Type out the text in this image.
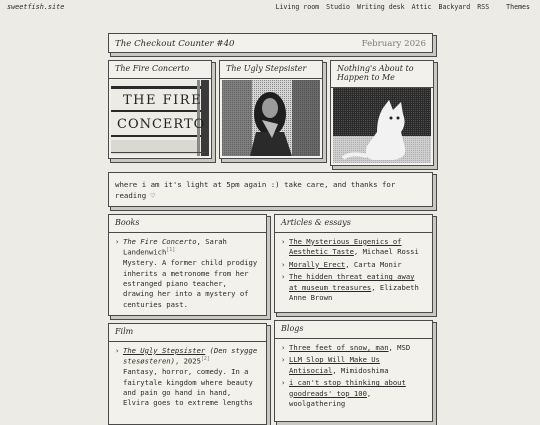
sweetfish.site	Living room Studio Writing desk Attic Backyard RSS	Themes
The Checkout Counter #40	February 2026
The Fire Concerto
THE FIRE
CONCERTO
The Ugly Stepsister	Nothing's About to Happen to Me
where i am it's light at 5pm again :) take care, and thanks for reading ♡
Books
› The Fire Concerto, Sarah Landenwich[1]
Mystery. A former child prodigy inherits a metronome from her estranged piano teacher, drawing her into a mystery of centuries past.
Film
› The Ugly Stepsister (Den stygge stesøsteren), 2025[2]
Fantasy, horror, comedy. In a fairytale kingdom where beauty and pain go hand in hand, Elvira goes to extreme lengths
Articles & essays
› The Mysterious Eugenics of Aesthetic Taste, Michael Rossi
› Morally Erect, Carta Monir
› The hidden threat eating away at museum treasures, Elizabeth Anne Brown
Blogs
› Three feet of snow, man, MSD
› LLM Slop Will Make Us Antisocial, Mimidoshima
› i can't stop thinking about goodreads' top 100, woolgathering
